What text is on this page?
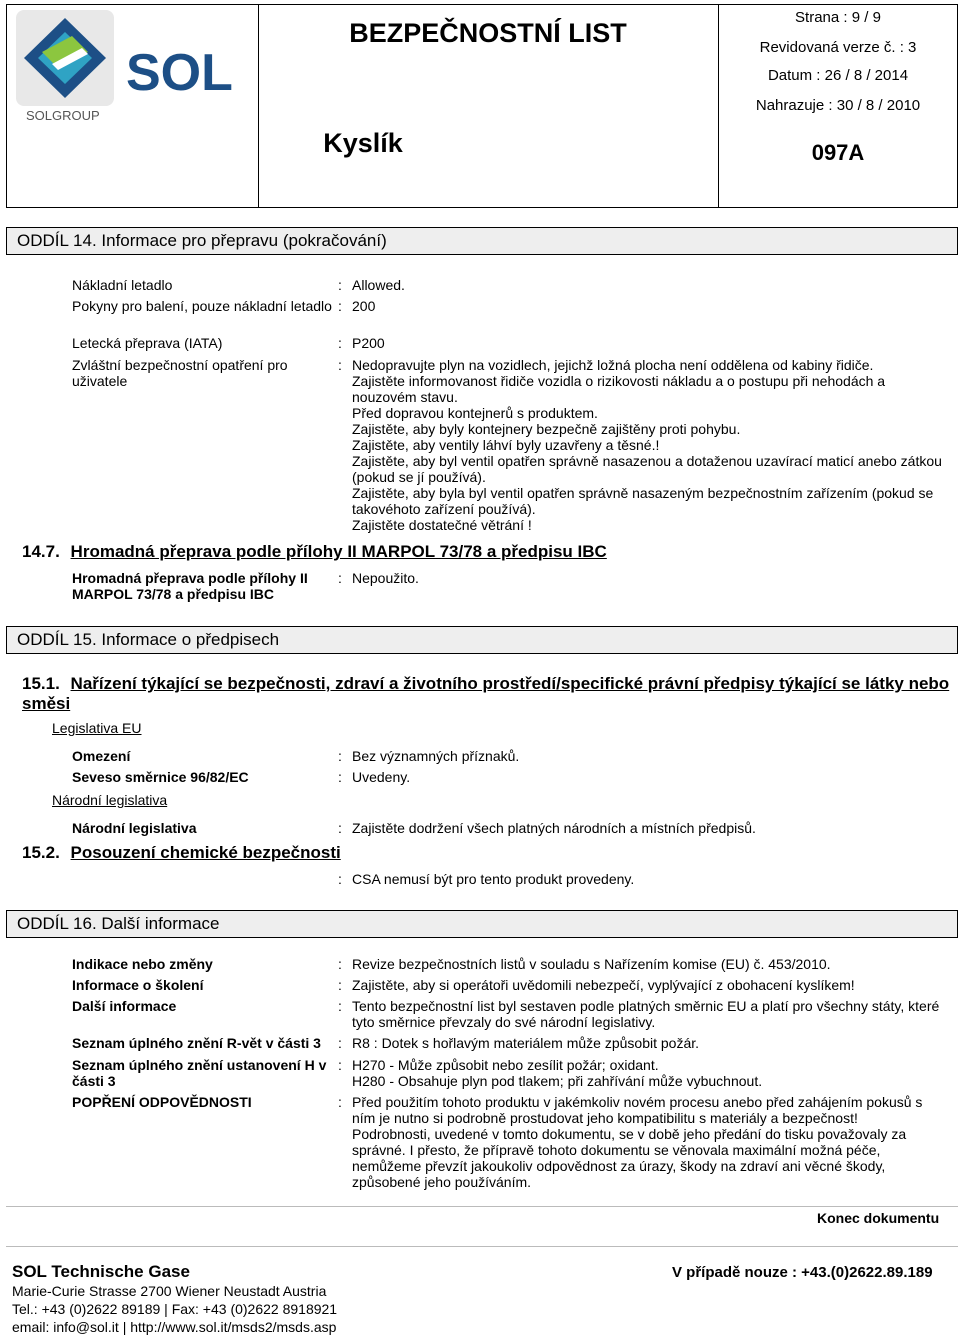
SOL
SOLGROUP
BEZPEČNOSTNÍ LIST
Kyslík
Strana : 9 / 9
Revidovaná verze č. : 3
Datum : 26 / 8 / 2014
Nahrazuje : 30 / 8 / 2010
097A
ODDÍL 14. Informace pro přepravu (pokračování)
Nákladní letadlo	: Allowed.
Pokyny pro balení, pouze nákladní letadlo : 200
Letecká přeprava (IATA)	: P200
Zvláštní bezpečnostní opatření pro uživatele
: Nedopravujte plyn na vozidlech, jejichž ložná plocha není oddělena od kabiny řidiče.
Zajistěte informovanost řidiče vozidla o rizikovosti nákladu a o postupu při nehodách a nouzovém stavu.
Před dopravou kontejnerů s produktem.
Zajistěte, aby byly kontejnery bezpečně zajištěny proti pohybu.
Zajistěte, aby ventily láhví byly uzavřeny a těsné.!
Zajistěte, aby byl ventil opatřen správně nasazenou a dotaženou uzavírací maticí anebo zátkou (pokud se jí používá).
Zajistěte, aby byla byl ventil opatřen správně nasazeným bezpečnostním zařízením (pokud se takovéhoto zařízení používá).
Zajistěte dostatečné větrání !
14.7. Hromadná přeprava podle přílohy II MARPOL 73/78 a předpisu IBC
Hromadná přeprava podle přílohy II MARPOL 73/78 a předpisu IBC
: Nepoužito.
ODDÍL 15. Informace o předpisech
15.1. Nařízení týkající se bezpečnosti, zdraví a životního prostředí/specifické právní předpisy týkající se látky nebo směsi
Legislativa EU
Omezení	: Bez významných příznaků.
Seveso směrnice 96/82/EC	: Uvedeny.
Národní legislativa
Národní legislativa	: Zajistěte dodržení všech platných národních a místních předpisů.
15.2. Posouzení chemické bezpečnosti
: CSA nemusí být pro tento produkt provedeny.
ODDÍL 16. Další informace
Indikace nebo změny	: Revize bezpečnostních listů v souladu s Nařízením komise (EU) č. 453/2010.
Informace o školení	: Zajistěte, aby si operátoři uvědomili nebezpečí, vyplývající z obohacení kyslíkem!
Další informace	: Tento bezpečnostní list byl sestaven podle platných směrnic EU a platí pro všechny státy, které tyto směrnice převzaly do své národní legislativy.
Seznam úplného znění R-vět v části 3	: R8 : Dotek s hořlavým materiálem může způsobit požár.
Seznam úplného znění ustanovení H v části 3
: H270 - Může způsobit nebo zesílit požár; oxidant.
H280 - Obsahuje plyn pod tlakem; při zahřívání může vybuchnout.
POPŘENÍ ODPOVĚDNOSTI	: Před použitím tohoto produktu v jakémkoliv novém procesu anebo před zahájením pokusů s ním je nutno si podrobně prostudovat jeho kompatibilitu s materiály a bezpečnost!
Podrobnosti, uvedené v tomto dokumentu, se v době jeho předání do tisku považovaly za správné. I přesto, že přípravě tohoto dokumentu se věnovala maximální možná péče, nemůžeme převzít jakoukoliv odpovědnost za úrazy, škody na zdraví ani věcné škody, způsobené jeho používáním.
Konec dokumentu
SOL Technische Gase
Marie-Curie Strasse 2700 Wiener Neustadt Austria
Tel.: +43 (0)2622 89189 | Fax: +43 (0)2622 8918921
email: info@sol.it | http://www.sol.it/msds2/msds.asp
V případě nouze : +43.(0)2622.89.189
